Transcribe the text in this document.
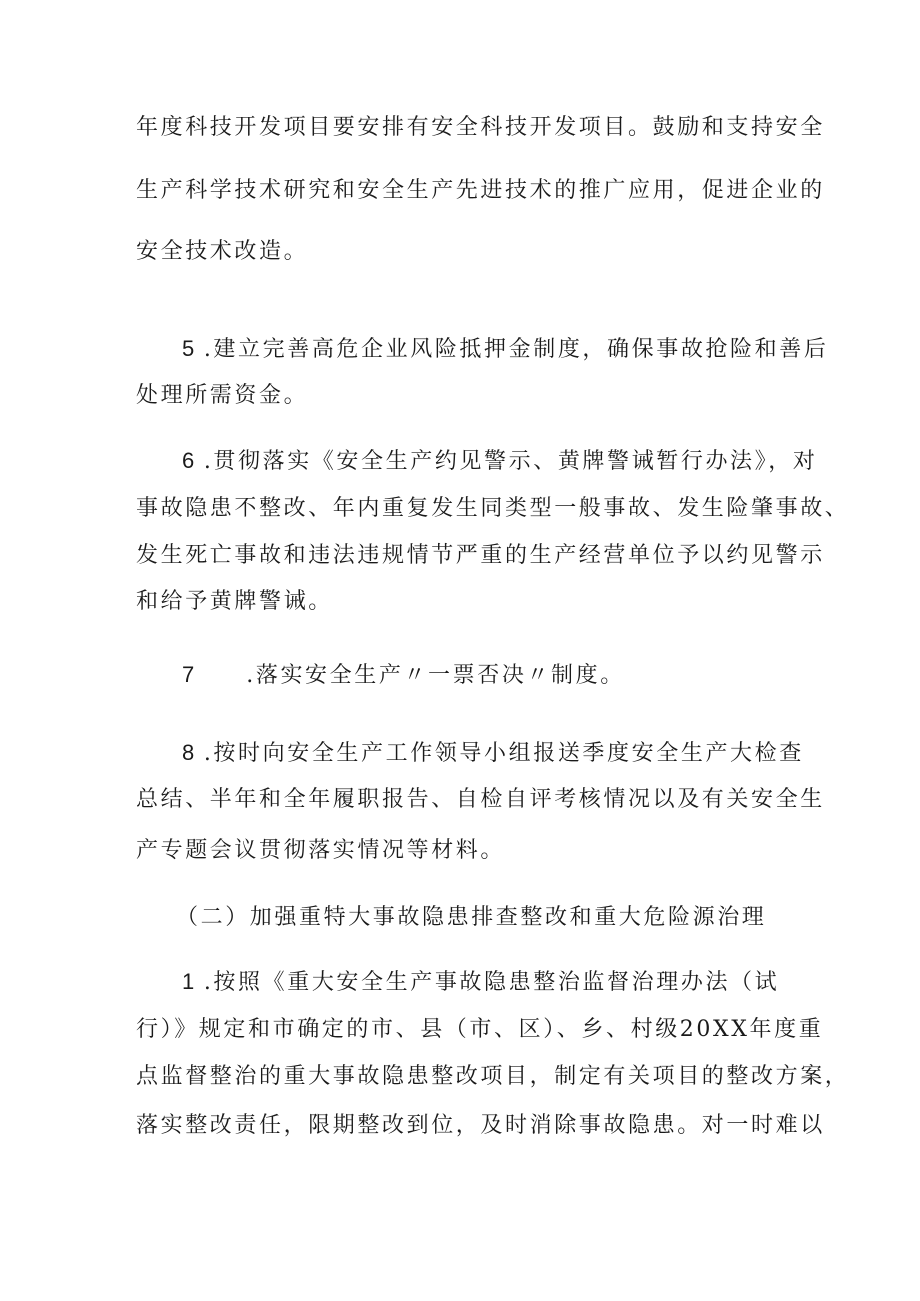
年度科技开发项目要安排有安全科技开发项目。鼓励和支持安全
生产科学技术研究和安全生产先进技术的推广应用，促进企业的
安全技术改造。
5 .建立完善高危企业风险抵押金制度，确保事故抢险和善后
处理所需资金。
6 .贯彻落实《安全生产约见警示、黄牌警诫暂行办法》，对
事故隐患不整改、年内重复发生同类型一般事故、发生险肇事故、
发生死亡事故和违法违规情节严重的生产经营单位予以约见警示
和给予黄牌警诫。
7 .落实安全生产〃一票否决〃制度。
8 .按时向安全生产工作领导小组报送季度安全生产大检查
总结、半年和全年履职报告、自检自评考核情况以及有关安全生
产专题会议贯彻落实情况等材料。
（二）加强重特大事故隐患排查整改和重大危险源治理
1 .按照《重大安全生产事故隐患整治监督治理办法（试
行）》规定和市确定的市、县（市、区）、乡、村级20XX年度重
点监督整治的重大事故隐患整改项目，制定有关项目的整改方案，
落实整改责任，限期整改到位，及时消除事故隐患。对一时难以
